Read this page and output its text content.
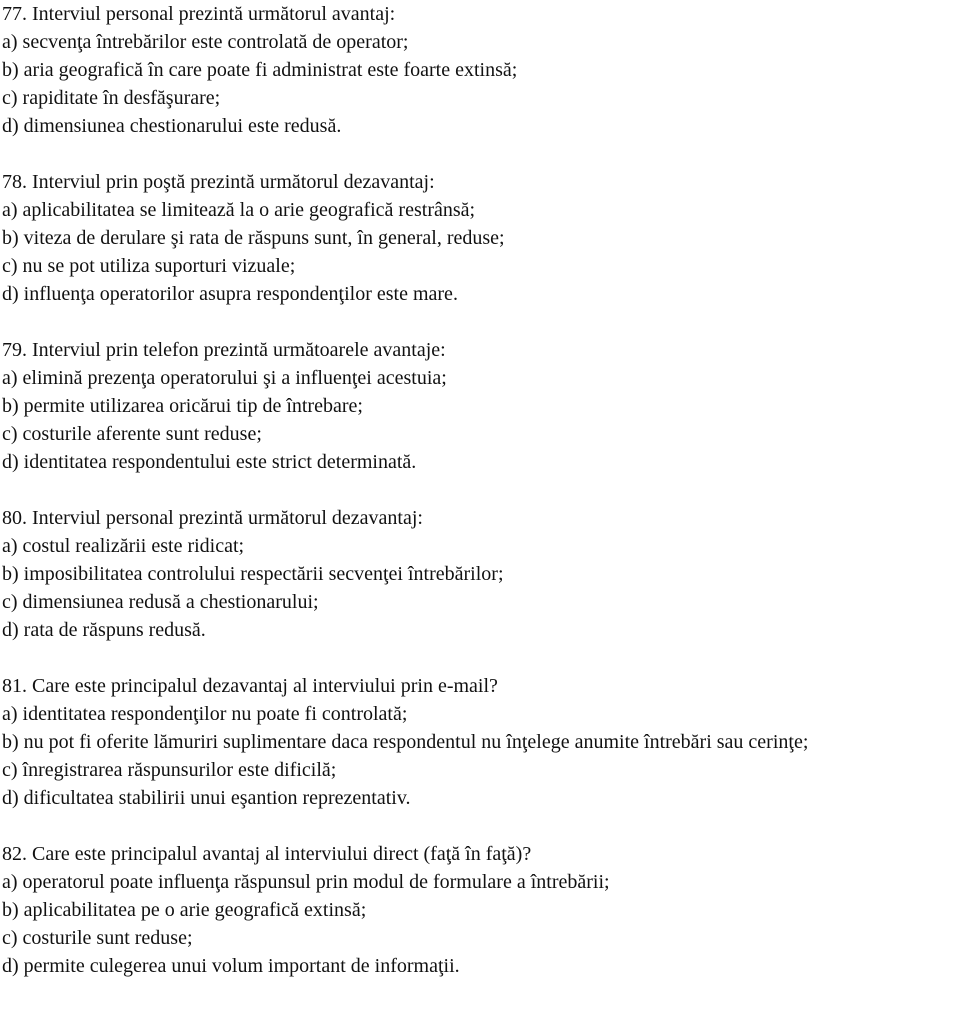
77. Interviul personal prezintă următorul avantaj:
a) secvenţa întrebărilor este controlată de operator;
b) aria geografică în care poate fi administrat este foarte extinsă;
c) rapiditate în desfăşurare;
d) dimensiunea chestionarului este redusă.
78. Interviul prin poştă prezintă următorul dezavantaj:
a) aplicabilitatea se limitează la o arie geografică restrânsă;
b) viteza de derulare şi rata de răspuns sunt, în general, reduse;
c) nu se pot utiliza suporturi vizuale;
d) influenţa operatorilor asupra respondenţilor este mare.
79. Interviul prin telefon prezintă următoarele avantaje:
a) elimină prezenţa operatorului şi a influenţei acestuia;
b) permite utilizarea oricărui tip de întrebare;
c) costurile aferente sunt reduse;
d) identitatea respondentului este strict determinată.
80. Interviul personal prezintă următorul dezavantaj:
a) costul realizării este ridicat;
b) imposibilitatea controlului respectării secvenţei întrebărilor;
c) dimensiunea redusă a chestionarului;
d) rata de răspuns redusă.
81. Care este principalul dezavantaj al interviului prin e-mail?
a) identitatea respondenţilor nu poate fi controlată;
b) nu pot fi oferite lămuriri suplimentare daca respondentul nu înţelege anumite întrebări sau cerinţe;
c) înregistrarea răspunsurilor este dificilă;
d) dificultatea stabilirii unui eşantion reprezentativ.
82. Care este principalul avantaj al interviului direct (faţă în faţă)?
a) operatorul poate influenţa răspunsul prin modul de formulare a întrebării;
b) aplicabilitatea pe o arie geografică extinsă;
c) costurile sunt reduse;
d) permite culegerea unui volum important de informaţii.
